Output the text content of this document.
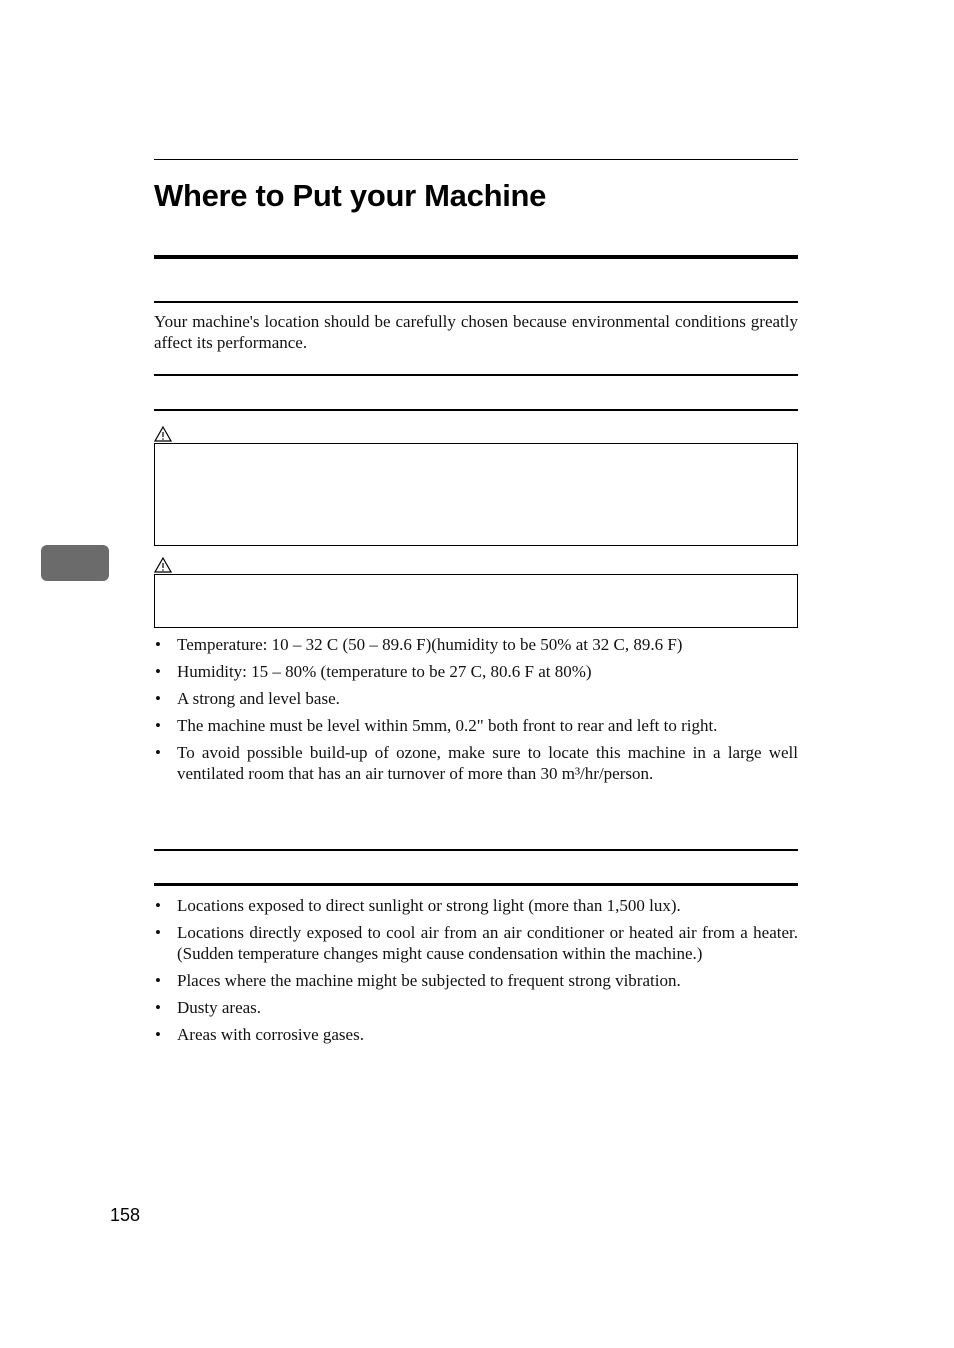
Where to Put your Machine

Your machine's location should be carefully chosen because environmental conditions greatly affect its performance.

• Temperature: 10 – 32 C (50 – 89.6 F)(humidity to be 50% at 32 C, 89.6 F)
• Humidity: 15 – 80% (temperature to be 27 C, 80.6 F at 80%)
• A strong and level base.
• The machine must be level within 5mm, 0.2" both front to rear and left to right.
• To avoid possible build-up of ozone, make sure to locate this machine in a large well ventilated room that has an air turnover of more than 30 m³/hr/person.
• Locations exposed to direct sunlight or strong light (more than 1,500 lux).
• Locations directly exposed to cool air from an air conditioner or heated air from a heater. (Sudden temperature changes might cause condensation within the machine.)
• Places where the machine might be subjected to frequent strong vibration.
• Dusty areas.
• Areas with corrosive gases.
158
